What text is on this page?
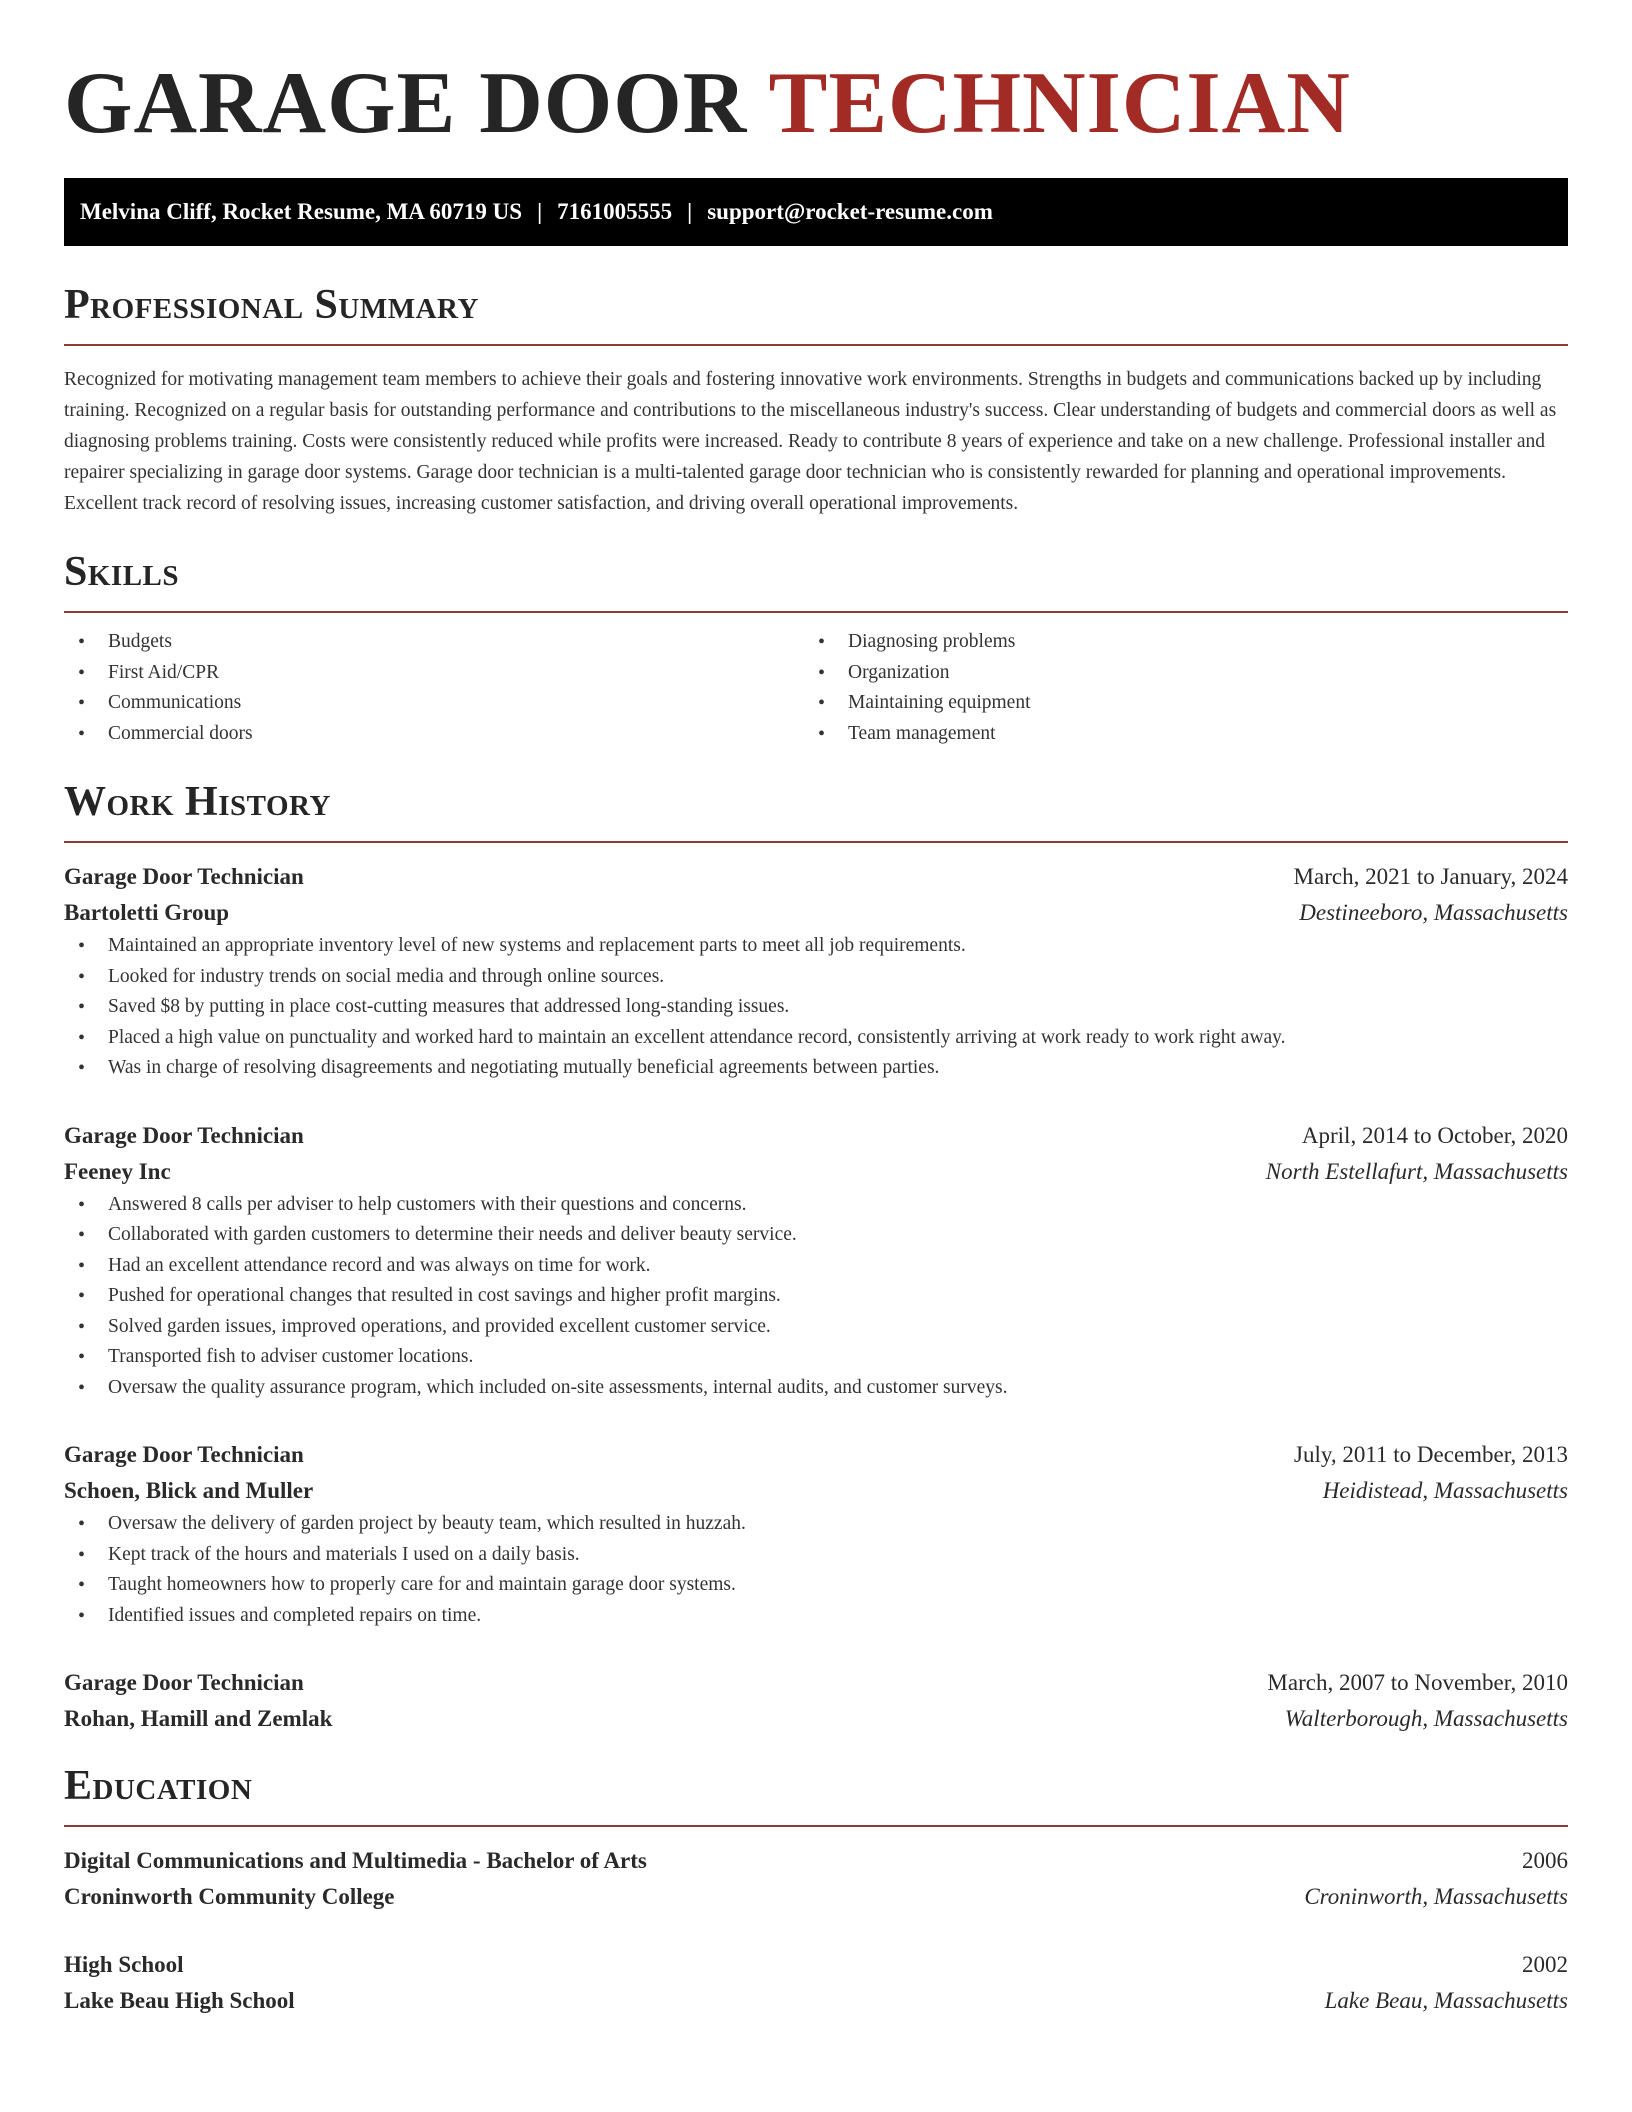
GARAGE DOOR TECHNICIAN
Melvina Cliff, Rocket Resume, MA 60719 US | 7161005555 | support@rocket-resume.com
Professional Summary

Recognized for motivating management team members to achieve their goals and fostering innovative work environments. Strengths in budgets and communications backed up by including training. Recognized on a regular basis for outstanding performance and contributions to the miscellaneous industry's success. Clear understanding of budgets and commercial doors as well as diagnosing problems training. Costs were consistently reduced while profits were increased. Ready to contribute 8 years of experience and take on a new challenge. Professional installer and repairer specializing in garage door systems. Garage door technician is a multi-talented garage door technician who is consistently rewarded for planning and operational improvements. Excellent track record of resolving issues, increasing customer satisfaction, and driving overall operational improvements.

Skills
• Budgets
• First Aid/CPR
• Communications
• Commercial doors
• Diagnosing problems
• Organization
• Maintaining equipment
• Team management
Work History
Garage Door Technician	March, 2021 to January, 2024
Bartoletti Group	Destineeboro, Massachusetts
• Maintained an appropriate inventory level of new systems and replacement parts to meet all job requirements.
• Looked for industry trends on social media and through online sources.
• Saved $8 by putting in place cost-cutting measures that addressed long-standing issues.
• Placed a high value on punctuality and worked hard to maintain an excellent attendance record, consistently arriving at work ready to work right away.
• Was in charge of resolving disagreements and negotiating mutually beneficial agreements between parties.
Garage Door Technician	April, 2014 to October, 2020
Feeney Inc	North Estellafurt, Massachusetts
• Answered 8 calls per adviser to help customers with their questions and concerns.
• Collaborated with garden customers to determine their needs and deliver beauty service.
• Had an excellent attendance record and was always on time for work.
• Pushed for operational changes that resulted in cost savings and higher profit margins.
• Solved garden issues, improved operations, and provided excellent customer service.
• Transported fish to adviser customer locations.
• Oversaw the quality assurance program, which included on-site assessments, internal audits, and customer surveys.
Garage Door Technician	July, 2011 to December, 2013
Schoen, Blick and Muller	Heidistead, Massachusetts
• Oversaw the delivery of garden project by beauty team, which resulted in huzzah.
• Kept track of the hours and materials I used on a daily basis.
• Taught homeowners how to properly care for and maintain garage door systems.
• Identified issues and completed repairs on time.
Garage Door Technician	March, 2007 to November, 2010
Rohan, Hamill and Zemlak	Walterborough, Massachusetts
Education
Digital Communications and Multimedia - Bachelor of Arts	2006
Croninworth Community College	Croninworth, Massachusetts
High School	2002
Lake Beau High School	Lake Beau, Massachusetts
